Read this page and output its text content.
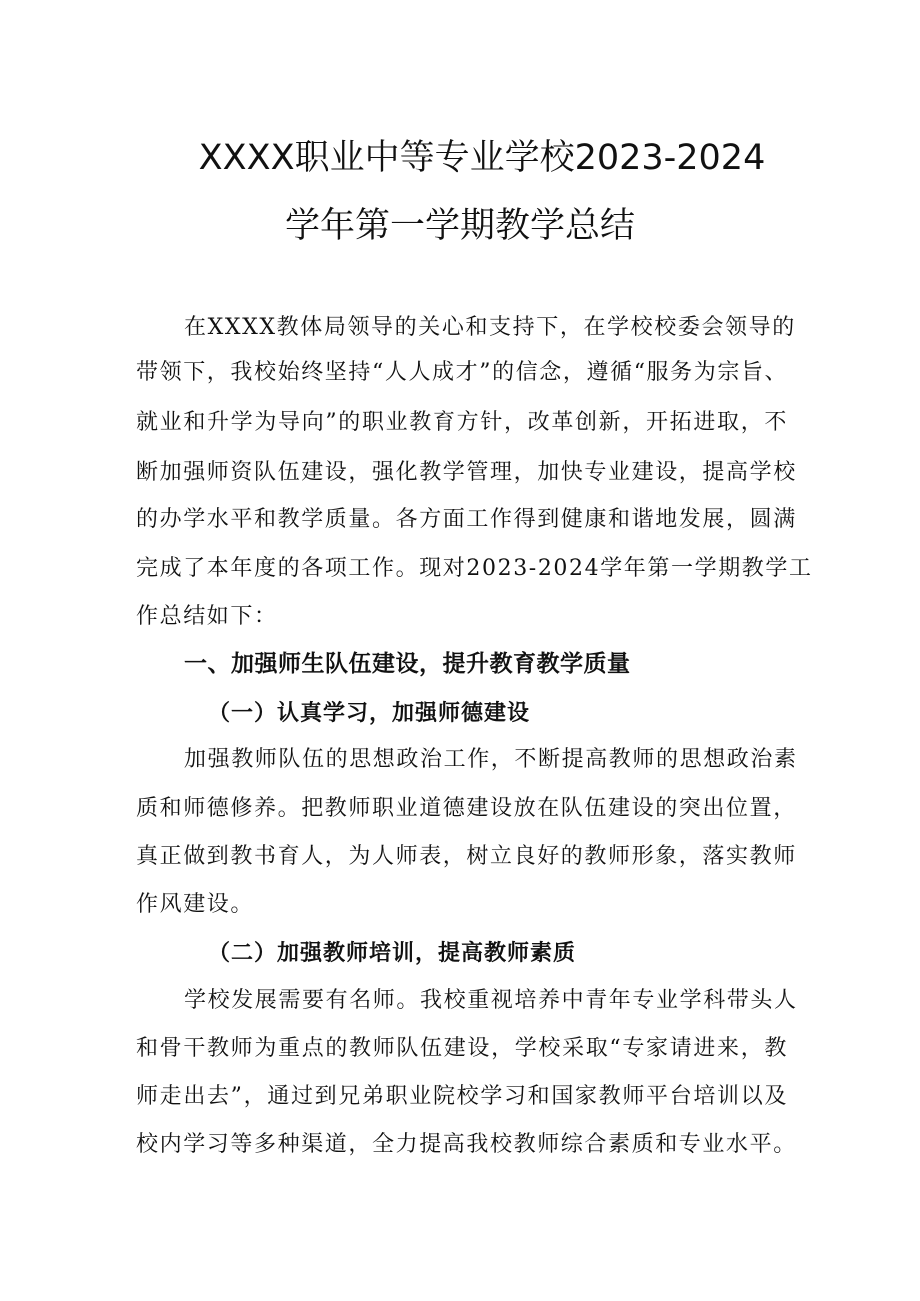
XXXX职业中等专业学校2023-2024
学年第一学期教学总结
在XXXX教体局领导的关心和支持下，在学校校委会领导的
带领下，我校始终坚持“人人成才”的信念，遵循“服务为宗旨、
就业和升学为导向”的职业教育方针，改革创新，开拓进取，不
断加强师资队伍建设，强化教学管理，加快专业建设，提高学校
的办学水平和教学质量。各方面工作得到健康和谐地发展，圆满
完成了本年度的各项工作。现对2023-2024学年第一学期教学工
作总结如下：
一、加强师生队伍建设，提升教育教学质量
（一）认真学习，加强师德建设
加强教师队伍的思想政治工作，不断提高教师的思想政治素
质和师德修养。把教师职业道德建设放在队伍建设的突出位置，
真正做到教书育人，为人师表，树立良好的教师形象，落实教师
作风建设。
（二）加强教师培训，提高教师素质
学校发展需要有名师。我校重视培养中青年专业学科带头人
和骨干教师为重点的教师队伍建设，学校采取“专家请进来，教
师走出去”，通过到兄弟职业院校学习和国家教师平台培训以及
校内学习等多种渠道，全力提高我校教师综合素质和专业水平。
